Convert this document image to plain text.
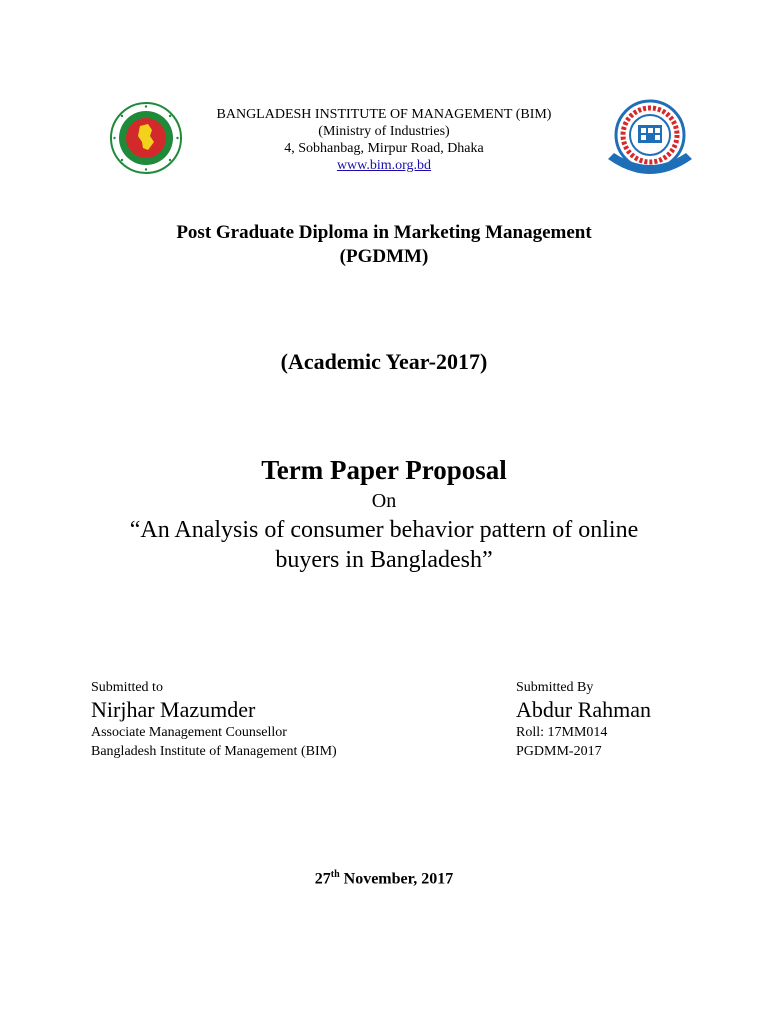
BANGLADESH INSTITUTE OF MANAGEMENT (BIM)
(Ministry of Industries)
4, Sobhanbag, Mirpur Road, Dhaka
www.bim.org.bd
Post Graduate Diploma in Marketing Management
(PGDMM)
(Academic Year-2017)
Term Paper Proposal
On
“An Analysis of consumer behavior pattern of online
buyers in Bangladesh”
Submitted to
Nirjhar Mazumder
Associate Management Counsellor
Bangladesh Institute of Management (BIM)
Submitted By
Abdur Rahman
Roll: 17MM014
PGDMM-2017
27th November, 2017
